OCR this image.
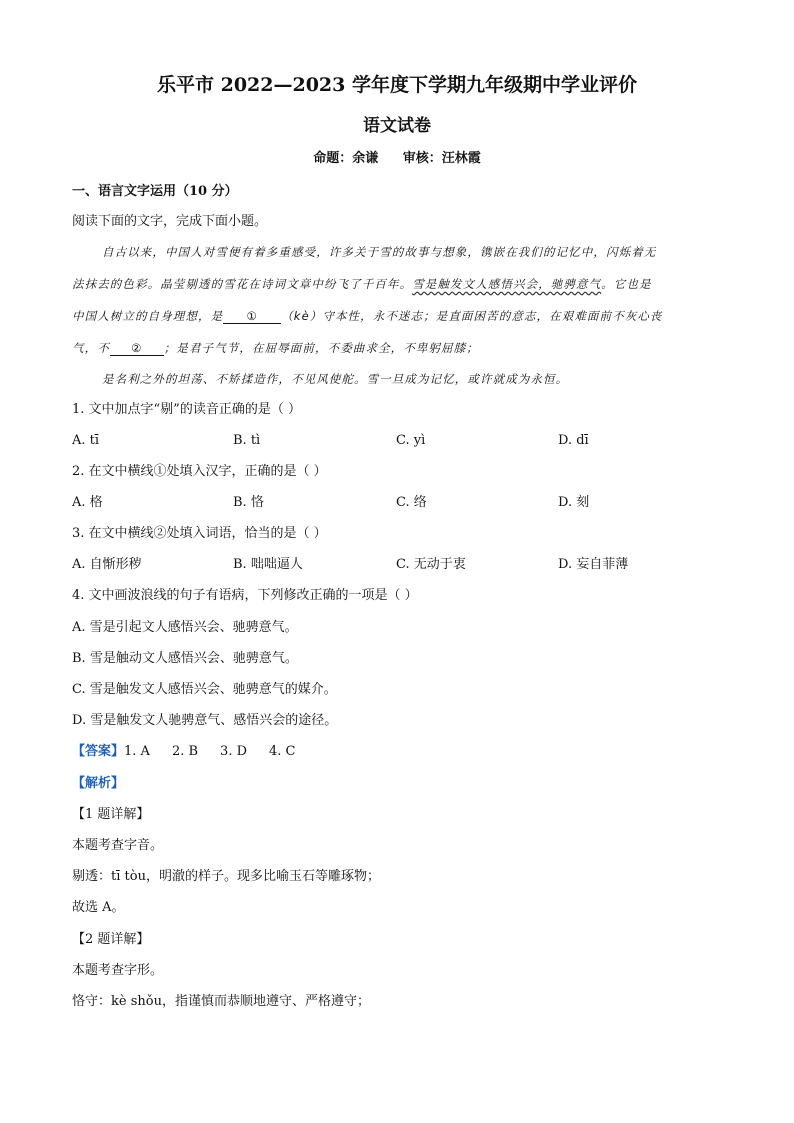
乐平市 2022—2023 学年度下学期九年级期中学业评价
语文试卷
命题：余谦 审核：汪林霞
一、语言文字运用（10 分）
阅读下面的文字，完成下面小题。
自古以来，中国人对雪便有着多重感受，许多关于雪的故事与想象，镌嵌在我们的记忆中，闪烁着无
法抹去的色彩。晶莹剔透的雪花在诗词文章中纷飞了千百年。雪是触发文人感悟兴会，驰骋意气。它也是
中国人树立的自身理想，是 ① （kè）守本性，永不迷志；是直面困苦的意志，在艰难面前不灰心丧
气，不 ② ；是君子气节，在屈辱面前，不委曲求全，不卑躬屈膝；
是名利之外的坦荡、不矫揉造作，不见风使舵。雪一旦成为记忆，或许就成为永恒。
1. 文中加点字“剔”的读音正确的是（ ）
A. tī	B. tì	C. yì	D. dī
2. 在文中横线①处填入汉字，正确的是（ ）
A. 格	B. 恪	C. 络	D. 刻
3. 在文中横线②处填入词语，恰当的是（ ）
A. 自惭形秽	B. 咄咄逼人	C. 无动于衷	D. 妄自菲薄
4. 文中画波浪线的句子有语病，下列修改正确的一项是（ ）
A. 雪是引起文人感悟兴会、驰骋意气。
B. 雪是触动文人感悟兴会、驰骋意气。
C. 雪是触发文人感悟兴会、驰骋意气的媒介。
D. 雪是触发文人驰骋意气、感悟兴会的途径。
【答案】1. A 2. B 3. D 4. C
【解析】
【1 题详解】
本题考查字音。
剔透：tī tòu，明澈的样子。现多比喻玉石等雕琢物；
故选 A。
【2 题详解】
本题考查字形。
恪守：kè shǒu，指谨慎而恭顺地遵守、严格遵守；
